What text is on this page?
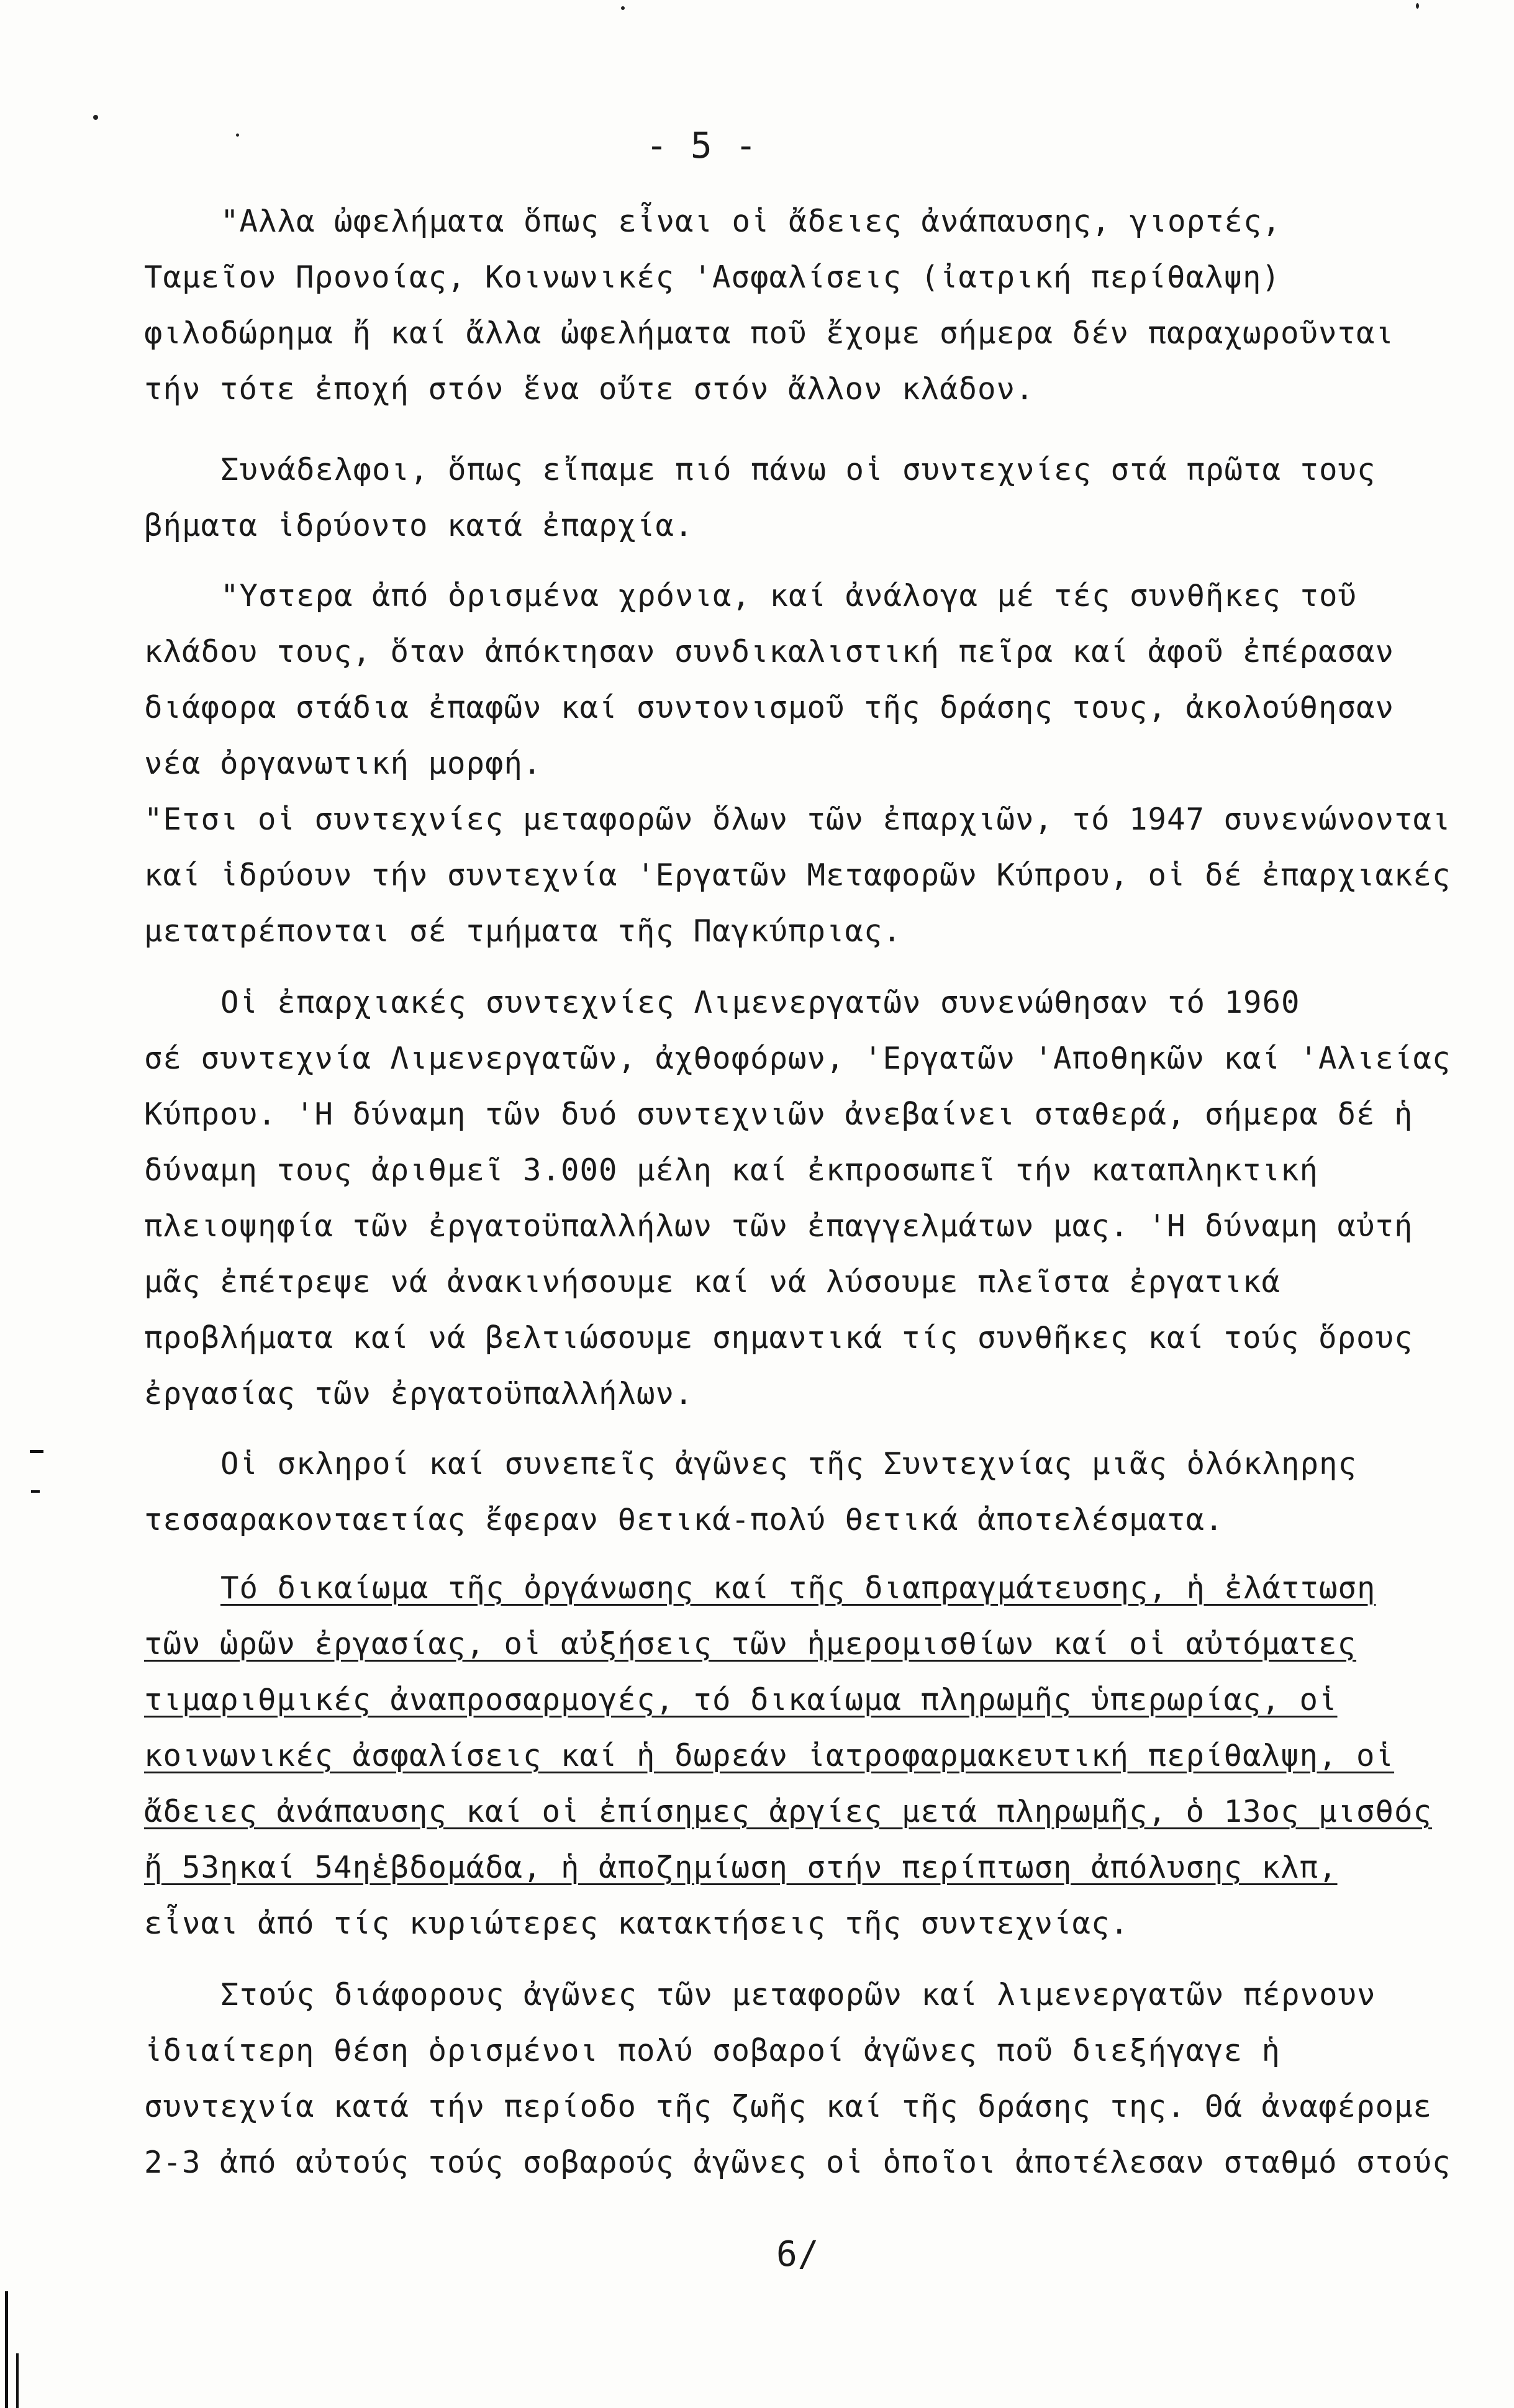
- 5 -
"Αλλα ὠφελήματα ὅπως εἶναι οἱ ἄδειες ἀνάπαυσης, γιορτές,
Ταμεῖον Προνοίας, Κοινωνικές 'Ασφαλίσεις (ἰατρική περίθαλψη)
φιλοδώρημα ἤ καί ἄλλα ὠφελήματα ποῦ ἔχομε σήμερα δέν παραχωροῦνται
τήν τότε ἐποχή στόν ἕνα οὔτε στόν ἄλλον κλάδον.
Συνάδελφοι, ὅπως εἴπαμε πιό πάνω οἱ συντεχνίες στά πρῶτα τους
βήματα ἱδρύοντο κατά ἐπαρχία.
"Υστερα ἀπό ὁρισμένα χρόνια, καί ἀνάλογα μέ τές συνθῆκες τοῦ
κλάδου τους, ὅταν ἀπόκτησαν συνδικαλιστική πεῖρα καί ἀφοῦ ἐπέρασαν
διάφορα στάδια ἐπαφῶν καί συντονισμοῦ τῆς δράσης τους, ἀκολούθησαν
νέα ὀργανωτική μορφή.
"Ετσι οἱ συντεχνίες μεταφορῶν ὅλων τῶν ἐπαρχιῶν, τό 1947 συνενώνονται
καί ἱδρύουν τήν συντεχνία 'Εργατῶν Μεταφορῶν Κύπρου, οἱ δέ ἐπαρχιακές
μετατρέπονται σέ τμήματα τῆς Παγκύπριας.
Οἱ ἐπαρχιακές συντεχνίες Λιμενεργατῶν συνενώθησαν τό 1960
σέ συντεχνία Λιμενεργατῶν, ἀχθοφόρων, 'Εργατῶν 'Αποθηκῶν καί 'Αλιείας
Κύπρου. 'Η δύναμη τῶν δυό συντεχνιῶν ἀνεβαίνει σταθερά, σήμερα δέ ἡ
δύναμη τους ἀριθμεῖ 3.000 μέλη καί ἐκπροσωπεῖ τήν καταπληκτική
πλειοψηφία τῶν ἐργατοϋπαλλήλων τῶν ἐπαγγελμάτων μας. 'Η δύναμη αὐτή
μᾶς ἐπέτρεψε νά ἀνακινήσουμε καί νά λύσουμε πλεῖστα ἐργατικά
προβλήματα καί νά βελτιώσουμε σημαντικά τίς συνθῆκες καί τούς ὅρους
ἐργασίας τῶν ἐργατοϋπαλλήλων.
Οἱ σκληροί καί συνεπεῖς ἀγῶνες τῆς Συντεχνίας μιᾶς ὁλόκληρης
τεσσαρακονταετίας ἔφεραν θετικά-πολύ θετικά ἀποτελέσματα.
Τό δικαίωμα τῆς ὀργάνωσης καί τῆς διαπραγμάτευσης, ἡ ἐλάττωση
τῶν ὡρῶν ἐργασίας, οἱ αὐξήσεις τῶν ἡμερομισθίων καί οἱ αὐτόματες
τιμαριθμικές ἀναπροσαρμογές, τό δικαίωμα πληρωμῆς ὑπερωρίας, οἱ
κοινωνικές ἀσφαλίσεις καί ἡ δωρεάν ἰατροφαρμακευτική περίθαλψη, οἱ
ἄδειες ἀνάπαυσης καί οἱ ἐπίσημες ἀργίες μετά πληρωμῆς, ὁ 13ος μισθός
ἤ 53ηκαί 54ηἑβδομάδα, ἡ ἀποζημίωση στήν περίπτωση ἀπόλυσης κλπ,
εἶναι ἀπό τίς κυριώτερες κατακτήσεις τῆς συντεχνίας.
Στούς διάφορους ἀγῶνες τῶν μεταφορῶν καί λιμενεργατῶν πέρνουν
ἰδιαίτερη θέση ὁρισμένοι πολύ σοβαροί ἀγῶνες ποῦ διεξήγαγε ἡ
συντεχνία κατά τήν περίοδο τῆς ζωῆς καί τῆς δράσης της. Θά ἀναφέρομε
2-3 ἀπό αὐτούς τούς σοβαρούς ἀγῶνες οἱ ὁποῖοι ἀποτέλεσαν σταθμό στούς
6/
